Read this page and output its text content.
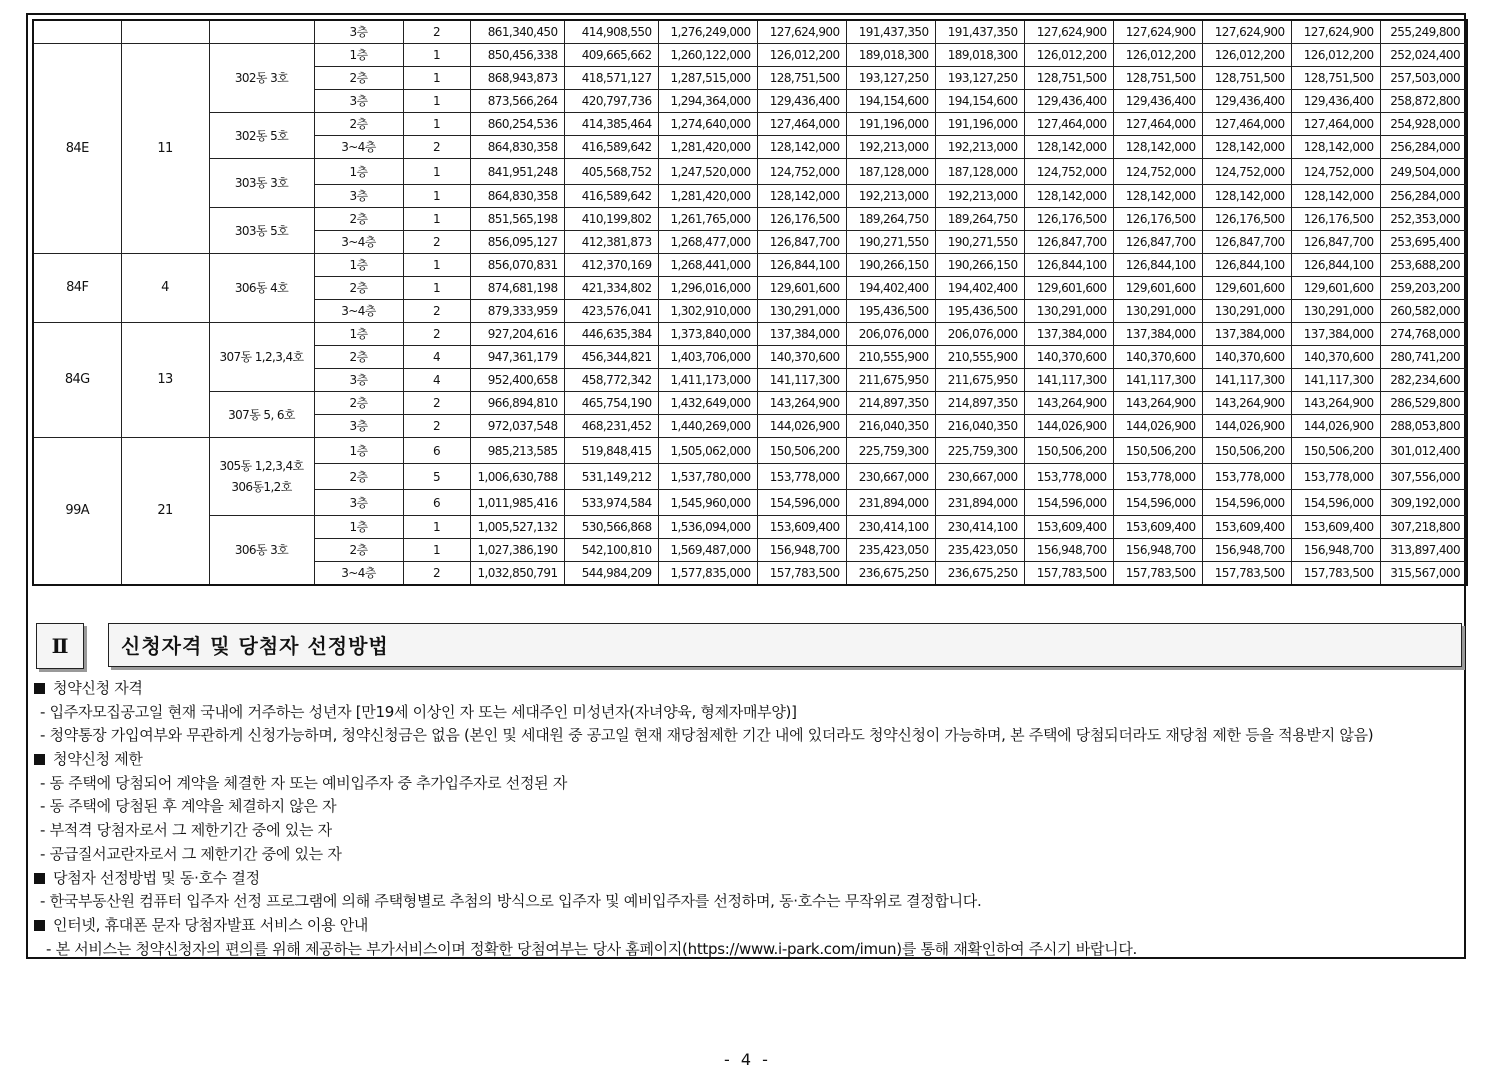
			3층	2	861,340,450	414,908,550	1,276,249,000	127,624,900	191,437,350	191,437,350	127,624,900	127,624,900	127,624,900	127,624,900	255,249,800
84E	11	302동 3호	1층	1	850,456,338	409,665,662	1,260,122,000	126,012,200	189,018,300	189,018,300	126,012,200	126,012,200	126,012,200	126,012,200	252,024,400
			2층	1	868,943,873	418,571,127	1,287,515,000	128,751,500	193,127,250	193,127,250	128,751,500	128,751,500	128,751,500	128,751,500	257,503,000
			3층	1	873,566,264	420,797,736	1,294,364,000	129,436,400	194,154,600	194,154,600	129,436,400	129,436,400	129,436,400	129,436,400	258,872,800
		302동 5호	2층	1	860,254,536	414,385,464	1,274,640,000	127,464,000	191,196,000	191,196,000	127,464,000	127,464,000	127,464,000	127,464,000	254,928,000
			3~4층	2	864,830,358	416,589,642	1,281,420,000	128,142,000	192,213,000	192,213,000	128,142,000	128,142,000	128,142,000	128,142,000	256,284,000
		303동 3호	1층	1	841,951,248	405,568,752	1,247,520,000	124,752,000	187,128,000	187,128,000	124,752,000	124,752,000	124,752,000	124,752,000	249,504,000
			3층	1	864,830,358	416,589,642	1,281,420,000	128,142,000	192,213,000	192,213,000	128,142,000	128,142,000	128,142,000	128,142,000	256,284,000
		303동 5호	2층	1	851,565,198	410,199,802	1,261,765,000	126,176,500	189,264,750	189,264,750	126,176,500	126,176,500	126,176,500	126,176,500	252,353,000
			3~4층	2	856,095,127	412,381,873	1,268,477,000	126,847,700	190,271,550	190,271,550	126,847,700	126,847,700	126,847,700	126,847,700	253,695,400
84F	4	306동 4호	1층	1	856,070,831	412,370,169	1,268,441,000	126,844,100	190,266,150	190,266,150	126,844,100	126,844,100	126,844,100	126,844,100	253,688,200
			2층	1	874,681,198	421,334,802	1,296,016,000	129,601,600	194,402,400	194,402,400	129,601,600	129,601,600	129,601,600	129,601,600	259,203,200
			3~4층	2	879,333,959	423,576,041	1,302,910,000	130,291,000	195,436,500	195,436,500	130,291,000	130,291,000	130,291,000	130,291,000	260,582,000
84G	13	307동 1,2,3,4호	1층	2	927,204,616	446,635,384	1,373,840,000	137,384,000	206,076,000	206,076,000	137,384,000	137,384,000	137,384,000	137,384,000	274,768,000
			2층	4	947,361,179	456,344,821	1,403,706,000	140,370,600	210,555,900	210,555,900	140,370,600	140,370,600	140,370,600	140,370,600	280,741,200
			3층	4	952,400,658	458,772,342	1,411,173,000	141,117,300	211,675,950	211,675,950	141,117,300	141,117,300	141,117,300	141,117,300	282,234,600
		307동 5, 6호	2층	2	966,894,810	465,754,190	1,432,649,000	143,264,900	214,897,350	214,897,350	143,264,900	143,264,900	143,264,900	143,264,900	286,529,800
			3층	2	972,037,548	468,231,452	1,440,269,000	144,026,900	216,040,350	216,040,350	144,026,900	144,026,900	144,026,900	144,026,900	288,053,800
99A	21	305동 1,2,3,4호 306동1,2호	1층	6	985,213,585	519,848,415	1,505,062,000	150,506,200	225,759,300	225,759,300	150,506,200	150,506,200	150,506,200	150,506,200	301,012,400
			2층	5	1,006,630,788	531,149,212	1,537,780,000	153,778,000	230,667,000	230,667,000	153,778,000	153,778,000	153,778,000	153,778,000	307,556,000
			3층	6	1,011,985,416	533,974,584	1,545,960,000	154,596,000	231,894,000	231,894,000	154,596,000	154,596,000	154,596,000	154,596,000	309,192,000
		306동 3호	1층	1	1,005,527,132	530,566,868	1,536,094,000	153,609,400	230,414,100	230,414,100	153,609,400	153,609,400	153,609,400	153,609,400	307,218,800
			2층	1	1,027,386,190	542,100,810	1,569,487,000	156,948,700	235,423,050	235,423,050	156,948,700	156,948,700	156,948,700	156,948,700	313,897,400
			3~4층	2	1,032,850,791	544,984,209	1,577,835,000	157,783,500	236,675,250	236,675,250	157,783,500	157,783,500	157,783,500	157,783,500	315,567,000
Ⅱ	신청자격 및 당첨자 선정방법
청약신청 자격
- 입주자모집공고일 현재 국내에 거주하는 성년자 [만19세 이상인 자 또는 세대주인 미성년자(자녀양육, 형제자매부양)]
- 청약통장 가입여부와 무관하게 신청가능하며, 청약신청금은 없음 (본인 및 세대원 중 공고일 현재 재당첨제한 기간 내에 있더라도 청약신청이 가능하며, 본 주택에 당첨되더라도 재당첨 제한 등을 적용받지 않음)
청약신청 제한
- 동 주택에 당첨되어 계약을 체결한 자 또는 예비입주자 중 추가입주자로 선정된 자
- 동 주택에 당첨된 후 계약을 체결하지 않은 자
- 부적격 당첨자로서 그 제한기간 중에 있는 자
- 공급질서교란자로서 그 제한기간 중에 있는 자
당첨자 선정방법 및 동·호수 결정
- 한국부동산원 컴퓨터 입주자 선정 프로그램에 의해 주택형별로 추첨의 방식으로 입주자 및 예비입주자를 선정하며, 동·호수는 무작위로 결정합니다.
인터넷, 휴대폰 문자 당첨자발표 서비스 이용 안내
- 본 서비스는 청약신청자의 편의를 위해 제공하는 부가서비스이며 정확한 당첨여부는 당사 홈페이지(https://www.i-park.com/imun)를 통해 재확인하여 주시기 바랍니다.
- 4 -
